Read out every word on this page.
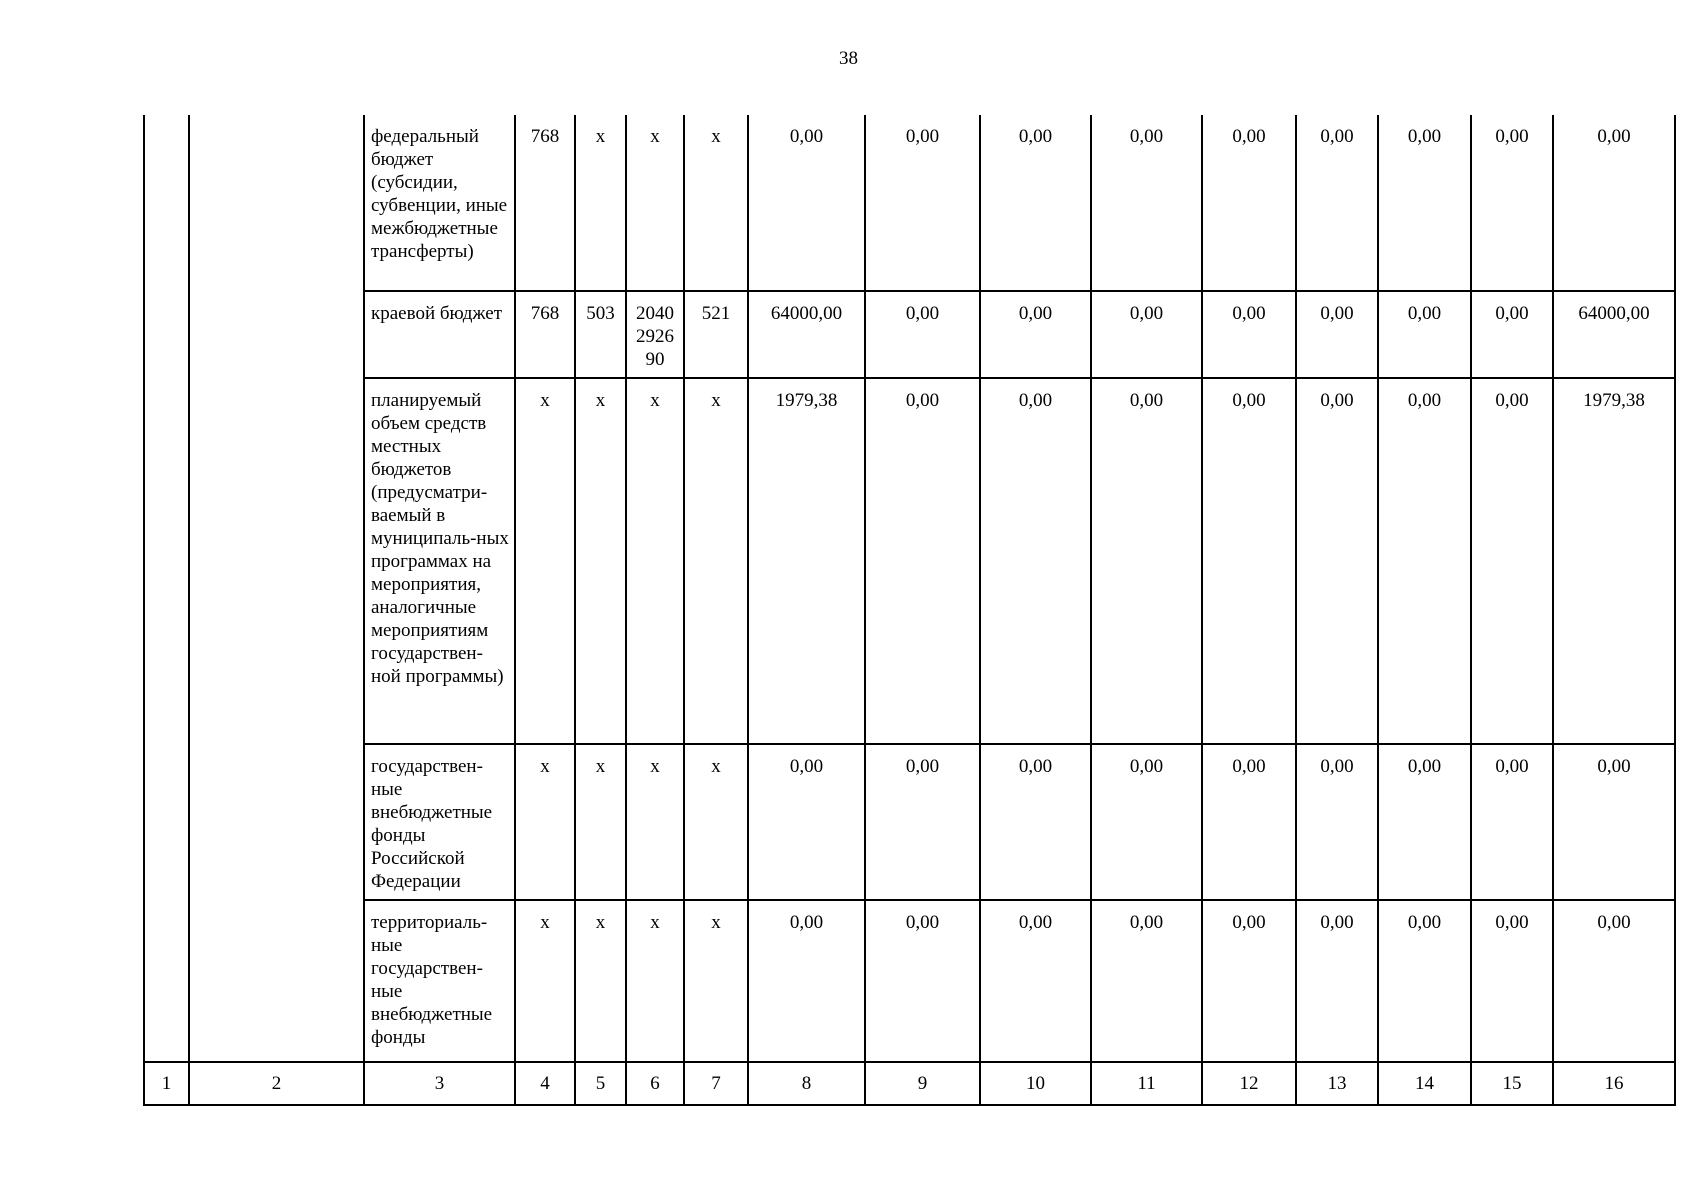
38

		федеральный бюджет (субсидии, субвенции, иные межбюджетные трансферты)	768	x	x	x	0,00	0,00	0,00	0,00	0,00	0,00	0,00	0,00	0,00

		краевой бюджет	768	503	2040 2926 90	521	64000,00	0,00	0,00	0,00	0,00	0,00	0,00	0,00	64000,00

		планируемый объем средств местных бюджетов (предусматри-ваемый в муниципаль-ных программах на мероприятия, аналогичные мероприятиям государствен-ной программы)	x	x	x	x	1979,38	0,00	0,00	0,00	0,00	0,00	0,00	0,00	1979,38

		государствен-ные внебюджетные фонды Российской Федерации	x	x	x	x	0,00	0,00	0,00	0,00	0,00	0,00	0,00	0,00	0,00

		территориаль-ные государствен-ные внебюджетные фонды	x	x	x	x	0,00	0,00	0,00	0,00	0,00	0,00	0,00	0,00	0,00
1	2	3	4	5	6	7	8	9	10	11	12	13	14	15	16
